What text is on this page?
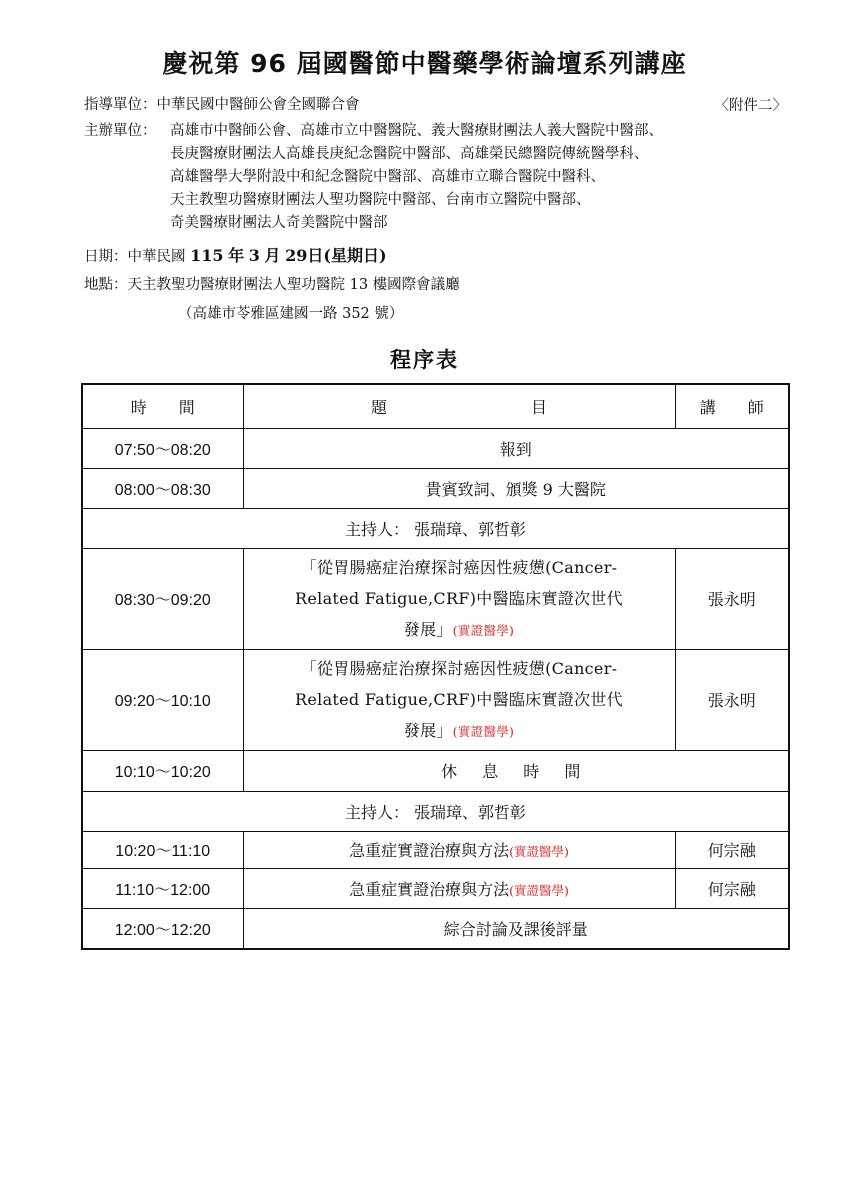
慶祝第 96 屆國醫節中醫藥學術論壇系列講座
指導單位：中華民國中醫師公會全國聯合會	〈附件二〉
主辦單位： 高雄市中醫師公會、高雄市立中醫醫院、義大醫療財團法人義大醫院中醫部、
長庚醫療財團法人高雄長庚紀念醫院中醫部、高雄榮民總醫院傳統醫學科、
高雄醫學大學附設中和紀念醫院中醫部、高雄市立聯合醫院中醫科、
天主教聖功醫療財團法人聖功醫院中醫部、台南市立醫院中醫部、
奇美醫療財團法人奇美醫院中醫部
日期：中華民國 115 年 3 月 29日(星期日)
地點：天主教聖功醫療財團法人聖功醫院 13 樓國際會議廳
（高雄市苓雅區建國一路 352 號）
程序表
時　　間	題　　　　　　　　　目	講　　師
07:50～08:20	報到	
08:00～08:30	貴賓致詞、頒獎 9 大醫院	
主持人： 張瑞璋、郭哲彰		
08:30～09:20	「從胃腸癌症治療探討癌因性疲憊(Cancer-
Related Fatigue,CRF)中醫臨床實證次世代
發展」(實證醫學)	張永明
09:20～10:10	「從胃腸癌症治療探討癌因性疲憊(Cancer-
Related Fatigue,CRF)中醫臨床實證次世代
發展」(實證醫學)	張永明
10:10～10:20	休 息 時 間	
主持人： 張瑞璋、郭哲彰		
10:20～11:10	急重症實證治療與方法(實證醫學)	何宗融
11:10～12:00	急重症實證治療與方法(實證醫學)	何宗融
12:00～12:20	綜合討論及課後評量	
